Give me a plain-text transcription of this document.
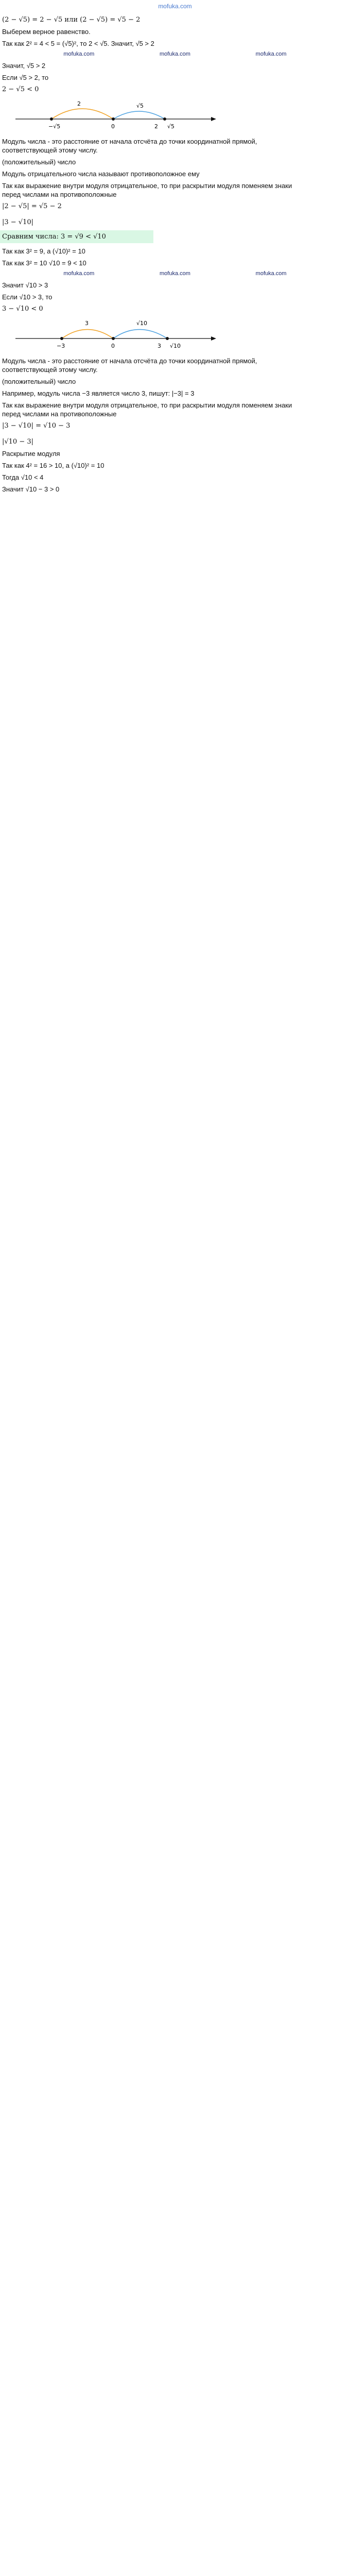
mofuka.com
(2 − √5) = 2 − √5 или (2 − √5) = √5 − 2
Выберем верное равенство.
Так как 2² = 4 < 5 = (√5)², то 2 < √5. Значит, √5 > 2
mofuka.com	mofuka.com	mofuka.com
Значит, √5 > 2
Если √5 > 2, то
2 − √5 < 0
−√5	0	2 √5
2	√5
Модуль числа - это расстояние от начала отсчёта до точки координатной прямой, соответствующей этому числу.
(положительный) число
Модуль отрицательного числа называют противоположное ему
Так как выражение внутри модуля отрицательное, то при раскрытии модуля поменяем знаки перед числами на противоположные
|2 − √5| = √5 − 2
|3 − √10|
Сравним числа: 3 = √9 < √10
Так как 3² = 9, a (√10)² = 10
Так как 3² = 10 √10 = 9 < 10
mofuka.com	mofuka.com	mofuka.com
Значит √10 > 3
Если √10 > 3, то
3 − √10 < 0
−3	0	3 √10
3	√10
Модуль числа - это расстояние от начала отсчёта до точки координатной прямой, соответствующей этому числу.
(положительный) число
Например, модуль числа −3 является число 3, пишут: |−3| = 3
Так как выражение внутри модуля отрицательное, то при раскрытии модуля поменяем знаки перед числами на противоположные
|3 − √10| = √10 − 3
|√10 − 3|
Раскрытие модуля
Так как 4² = 16 > 10, а (√10)² = 10
Тогда √10 < 4
Значит √10 − 3 > 0
